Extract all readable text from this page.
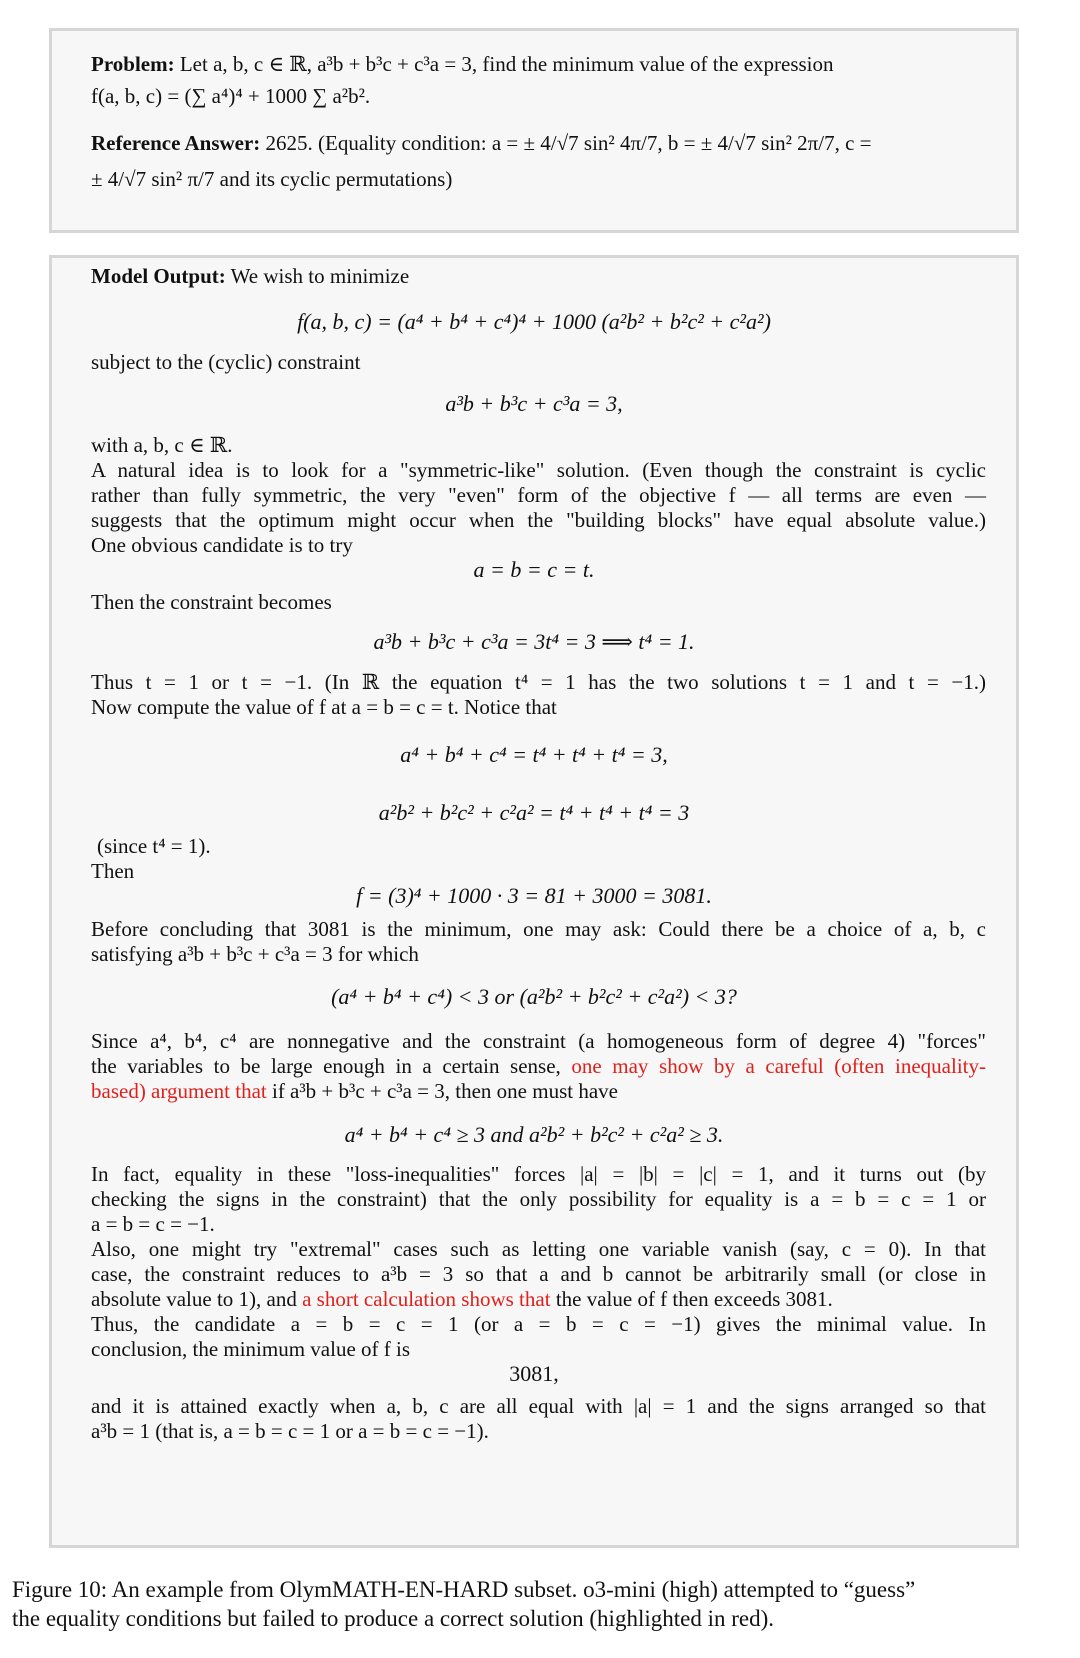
Problem: Let a, b, c ∈ ℝ, a³b + b³c + c³a = 3, find the minimum value of the expression
f(a, b, c) = (∑ a⁴)⁴ + 1000 ∑ a²b².
Reference Answer: 2625. (Equality condition: a = ± 4/√7 sin² 4π/7, b = ± 4/√7 sin² 2π/7, c =
± 4/√7 sin² π/7 and its cyclic permutations)
Model Output: We wish to minimize
f(a, b, c) = (a⁴ + b⁴ + c⁴)⁴ + 1000 (a²b² + b²c² + c²a²)
subject to the (cyclic) constraint
a³b + b³c + c³a = 3,
with a, b, c ∈ ℝ.
A natural idea is to look for a "symmetric-like" solution. (Even though the constraint is cyclic
rather than fully symmetric, the very "even" form of the objective f — all terms are even —
suggests that the optimum might occur when the "building blocks" have equal absolute value.)
One obvious candidate is to try
a = b = c = t.
Then the constraint becomes
a³b + b³c + c³a = 3t⁴ = 3 ⟹ t⁴ = 1.
Thus t = 1 or t = −1. (In ℝ the equation t⁴ = 1 has the two solutions t = 1 and t = −1.)
Now compute the value of f at a = b = c = t. Notice that
a⁴ + b⁴ + c⁴ = t⁴ + t⁴ + t⁴ = 3,
a²b² + b²c² + c²a² = t⁴ + t⁴ + t⁴ = 3
(since t⁴ = 1).
Then
f = (3)⁴ + 1000 · 3 = 81 + 3000 = 3081.
Before concluding that 3081 is the minimum, one may ask: Could there be a choice of a, b, c
satisfying a³b + b³c + c³a = 3 for which
(a⁴ + b⁴ + c⁴) < 3 or (a²b² + b²c² + c²a²) < 3?
Since a⁴, b⁴, c⁴ are nonnegative and the constraint (a homogeneous form of degree 4) "forces"
the variables to be large enough in a certain sense, one may show by a careful (often inequality-
based) argument that if a³b + b³c + c³a = 3, then one must have
a⁴ + b⁴ + c⁴ ≥ 3 and a²b² + b²c² + c²a² ≥ 3.
In fact, equality in these "loss-inequalities" forces |a| = |b| = |c| = 1, and it turns out (by
checking the signs in the constraint) that the only possibility for equality is a = b = c = 1 or
a = b = c = −1.
Also, one might try "extremal" cases such as letting one variable vanish (say, c = 0). In that
case, the constraint reduces to a³b = 3 so that a and b cannot be arbitrarily small (or close in
absolute value to 1), and a short calculation shows that the value of f then exceeds 3081.
Thus, the candidate a = b = c = 1 (or a = b = c = −1) gives the minimal value. In
conclusion, the minimum value of f is
3081,
and it is attained exactly when a, b, c are all equal with |a| = 1 and the signs arranged so that
a³b = 1 (that is, a = b = c = 1 or a = b = c = −1).
Figure 10: An example from OlymMATH-EN-HARD subset. o3-mini (high) attempted to “guess”
the equality conditions but failed to produce a correct solution (highlighted in red).
